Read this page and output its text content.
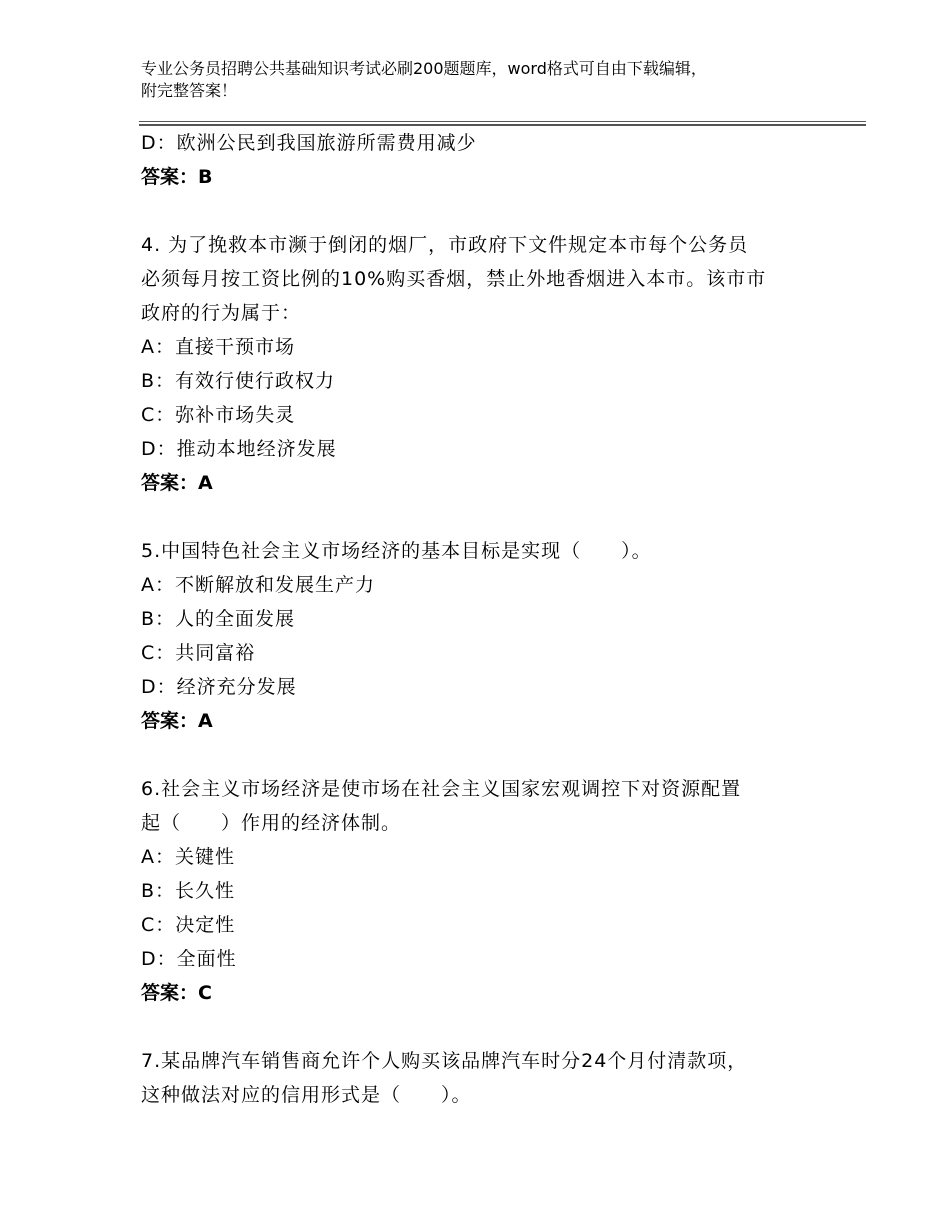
专业公务员招聘公共基础知识考试必刷200题题库，word格式可自由下载编辑，
附完整答案！
D：欧洲公民到我国旅游所需费用减少
答案：B
4. 为了挽救本市濒于倒闭的烟厂，市政府下文件规定本市每个公务员
必须每月按工资比例的10%购买香烟，禁止外地香烟进入本市。该市市
政府的行为属于：
A：直接干预市场
B：有效行使行政权力
C：弥补市场失灵
D：推动本地经济发展
答案：A
5.中国特色社会主义市场经济的基本目标是实现（　　）。
A：不断解放和发展生产力
B：人的全面发展
C：共同富裕
D：经济充分发展
答案：A
6.社会主义市场经济是使市场在社会主义国家宏观调控下对资源配置
起（　　）作用的经济体制。
A：关键性
B：长久性
C：决定性
D：全面性
答案：C
7.某品牌汽车销售商允许个人购买该品牌汽车时分24个月付清款项，
这种做法对应的信用形式是（　　）。
